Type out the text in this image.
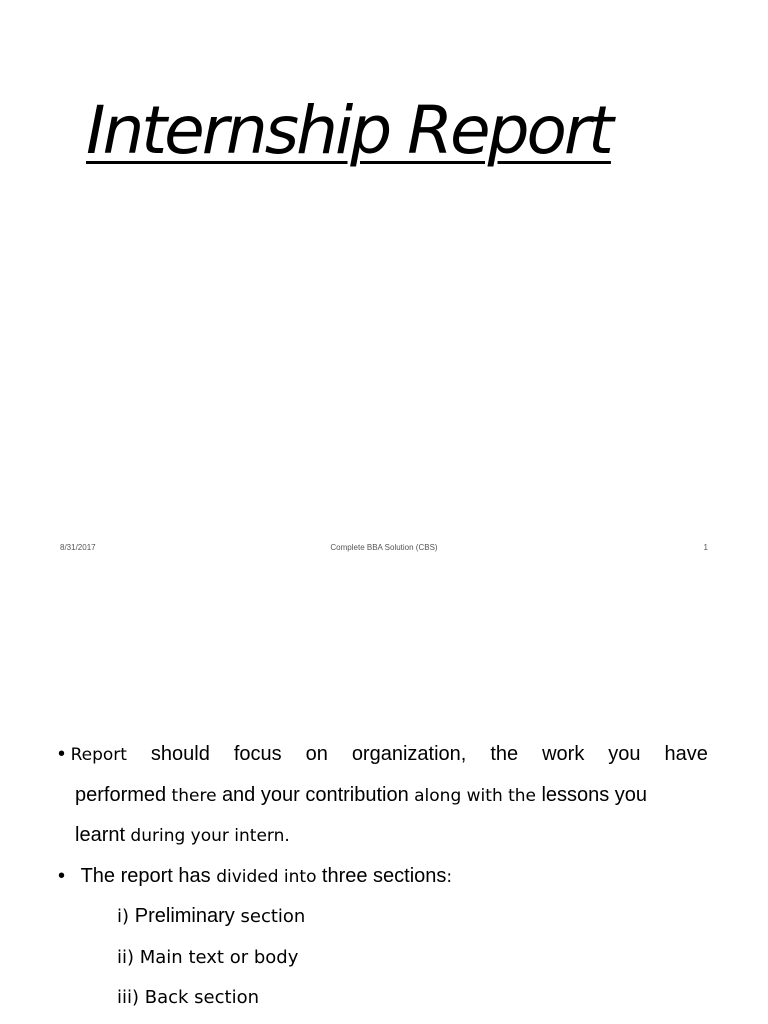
Internship Report
8/31/2017	Complete BBA Solution (CBS)	1
• Report should focus on organization, the work you have
performed there and your contribution along with the lessons you
learnt during your intern.
• The report has divided into three sections:
i) Preliminary section
ii) Main text or body
iii) Back section
